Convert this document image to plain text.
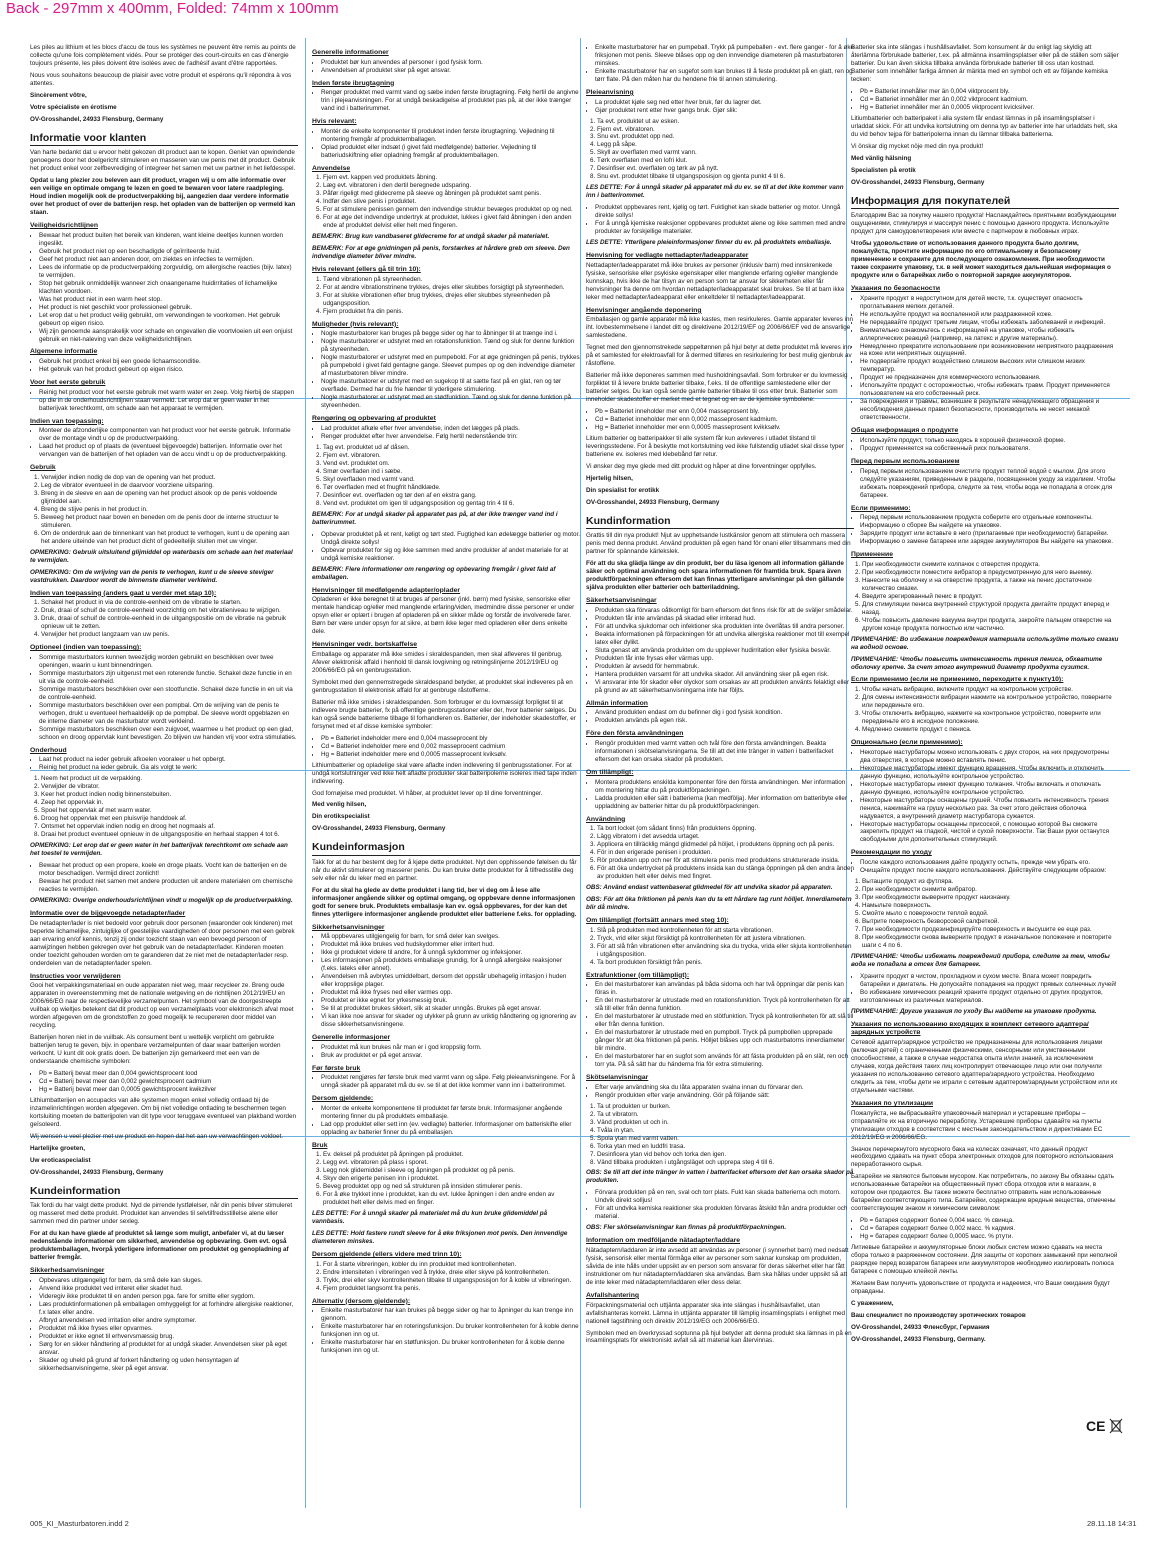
Back - 297mm x 400mm, Folded: 74mm x 100mm

Les piles au lithium et les blocs d'accu de tous les systèmes ne peuvent être remis au points de collecte qu'une fois complètement vidés. Pour se protéger des court-circuits en cas d'énergie toujours présente, les piles doivent être isolées avec de l'adhésif avant d'être rapportées.

Nous vous souhaitons beaucoup de plaisir avec votre produit et espérons qu'il répondra à vos attentes.

Sincèrement vôtre,

Votre spécialiste en érotisme

OV-Grosshandel, 24933 Flensburg, Germany

Informatie voor klanten

Van harte bedankt dat u ervoor hebt gekozen dit product aan te kopen. Geniet van opwindende genoegens door het doelgericht stimuleren en masseren van uw penis met dit product. Gebruik het product enkel voor zelfbevrediging of integreer het samen met uw partner in het liefdesspel.

Opdat u lang plezier zou beleven aan dit product, vragen wij u om alle informatie over een veilige en optimale omgang te lezen en goed te bewaren voor latere raadpleging. Houd indien mogelijk ook de productverpakking bij, aangezien daar verdere informatie over het product of over de batterijen resp. het opladen van de batterijen op vermeld kan staan.

Veiligheidsrichtlijnen
• Bewaar het product buiten het bereik van kinderen, want kleine deeltjes kunnen worden ingeslikt.
• Gebruik het product niet op een beschadigde of geïrriteerde huid.
• Geef het product niet aan anderen door, om ziektes en infecties te vermijden.
• Lees de informatie op de productverpakking zorgvuldig, om allergische reacties (bijv. latex) te vermijden.
• Stop het gebruik onmiddellijk wanneer zich onaangename huidirritaties of lichamelijke klachten voordoen.
• Was het product niet in een warm heet stop.
• Het product is niet geschikt voor professioneel gebruik.
• Let erop dat u het product veilig gebruikt, om verwondingen te voorkomen. Het gebruik gebeurt op eigen risico.
• Wij zijn genoemde aansprakelijk voor schade en ongevallen die voortvloeien uit een onjuist gebruik en niet-naleving van deze veiligheidsrichtlijnen.
Algemene informatie
• Gebruik het product enkel bij een goede lichaamsconditie.
• Het gebruik van het product gebeurt op eigen risico.
Voor het eerste gebruik
• Reinig het product voor het eerste gebruik met warm water en zeep. Volg hierbij de stappen op die in de onderhoudsrichtlijnen staan vermeld. Let erop dat er geen water in het batterijvak terechtkomt, om schade aan het apparaat te vermijden.
Indien van toepassing:
• Monteer de afzonderlijke componenten van het product voor het eerste gebruik. Informatie over de montage vindt u op de productverpakking.
• Laad het product op of plaats de (eventueel bijgevoegde) batterijen. Informatie over het vervangen van de batterijen of het opladen van de accu vindt u op de productverpakking.
Gebruik
1. Verwijder indien nodig de dop van de opening van het product.
2. Leg de vibrator eventueel in de daarvoor voorziene uitsparing.
3. Breng in de sleeve en aan de opening van het product alsook op de penis voldoende glijmiddel aan.
4. Breng de stijve penis in het product in.
5. Beweeg het product naar boven en beneden om de penis door de interne structuur te stimuleren.
6. Om de onderdruk aan de binnenkant van het product te verhogen, kunt u de opening aan het andere uiteinde van het product dicht of gedeeltelijk sluiten met uw vinger.

OPMERKING: Gebruik uitsluitend glijmiddel op waterbasis om schade aan het materiaal te vermijden.

OPMERKING: Om de wrijving van de penis te verhogen, kunt u de sleeve steviger vastdrukken. Daardoor wordt de binnenste diameter verkleind.

Indien van toepassing (anders gaat u verder met stap 10):
1. Schakel het product in via de controle-eenheid om de vibratie te starten.
2. Druk, draai of schuif de controle-eenheid voorzichtig om het vibratieniveau te wijzigen.
3. Druk, draai of schuif de controle-eenheid in de uitgangspositie om de vibratie na gebruik opnieuw uit te zetten.
4. Verwijder het product langzaam van uw penis.
Optioneel (indien van toepassing):
• Sommige masturbators kunnen tweezijdig worden gebruikt en beschikken over twee openingen, waarin u kunt binnendringen.
• Sommige masturbators zijn uitgerust met een roterende functie. Schakel deze functie in en uit via de controle-eenheid.
• Sommige masturbators beschikken over een stootfunctie. Schakel deze functie in en uit via de controle-eenheid.
• Sommige masturbators beschikken over een pompbal. Om de wrijving van de penis te verhogen, drukt u eventueel herhaaldelijk op de pompbal. De sleeve wordt opgeblazen en de interne diameter van de masturbator wordt verkleind.
• Sommige masturbators beschikken over een zuigvoet, waarmee u het product op een glad, schoon en droog oppervlak kunt bevestigen. Zo blijven uw handen vrij voor extra stimulaties.
Onderhoud
• Laat het product na ieder gebruik afkoelen vooraleer u het opbergt.
• Reinig het product na ieder gebruik. Ga als volgt te werk:
1. Neem het product uit de verpakking.
2. Verwijder de vibrator.
3. Keer het product indien nodig binnenstebuiten.
4. Zeep het oppervlak in.
5. Spoel het oppervlak af met warm water.
6. Droog het oppervlak met een pluisvrije handdoek af.
7. Ontsmet het oppervlak indien nodig en droog het nogmaals af.
8. Draai het product eventueel opnieuw in de uitgangspositie en herhaal stappen 4 tot 6.

OPMERKING: Let erop dat er geen water in het batterijvak terechtkomt om schade aan het toestel te vermijden.

• Bewaar het product op een propere, koele en droge plaats. Vocht kan de batterijen en de motor beschadigen. Vermijd direct zonlicht!
• Bewaar het product niet samen met andere producten uit andere materialen om chemische reacties te vermijden.

OPMERKING: Overige onderhoudsrichtlijnen vindt u mogelijk op de productverpakking.

Informatie over de bijgevoegde netadapter/lader

De netadapter/lader is niet bedoeld voor gebruik door personen (waaronder ook kinderen) met beperkte lichamelijke, zintuiglijke of geestelijke vaardigheden of door personen met een gebrek aan ervaring en/of kennis, tenzij zij onder toezicht staan van een bevoegd persoon of aanwijzingen hebben gekregen over het gebruik van de netadapter/lader. Kinderen moeten onder toezicht gehouden worden om te garanderen dat ze niet met de netadapter/lader resp. onderdelen van de netadapter/lader spelen.

Instructies voor verwijderen

Gooi het verpakkingsmateriaal en oude apparaten niet weg, maar recycleer ze. Breng oude apparaten in overeenstemming met de nationale wetgeving en de richtlijnen 2012/19/EU en 2006/66/EG naar de respectievelijke verzamelpunten. Het symbool van de doorgestreepte vuilbak op wieltjes betekent dat dit product op een verzamelplaats voor elektronisch afval moet worden afgegeven om de grondstoffen zo goed mogelijk te recupereren door middel van recycling.

Batterijen horen niet in de vuilbak. Als consument bent u wettelijk verplicht om gebruikte batterijen terug te geven, bijv. in openbare verzamelpunten of daar waar batterijen worden verkocht. U kunt dit ook gratis doen. De batterijen zijn gemarkeerd met een van de onderstaande chemische symbolen:

• Pb = Batterij bevat meer dan 0,004 gewichtsprocent lood
• Cd = Batterij bevat meer dan 0,002 gewichtsprocent cadmium
• Hg = Batterij bevat meer dan 0,0005 gewichtsprocent kwikzilver

Lithiumbatterijen en accupacks van alle systemen mogen enkel volledig ontlaad bij de inzamelinrichtingen worden afgegeven. Om bij niet volledige ontlading te beschermen tegen kortsluiting moeten de batterijpolen van dit type voor teruggave eventueel van plakband worden geïsoleerd.

Wij wensen u veel plezier met uw product en hopen dat het aan uw verwachtingen voldoet.

Hartelijke groeten,

Uw eroticaspecialist

OV-Grosshandel, 24933 Flensburg, Germany

Kundeinformation

Tak fordi du har valgt dette produkt. Nyd de pirrende lystfølelser, når din penis bliver stimuleret og masseret med dette produkt. Produktet kan anvendes til selvtilfredsstillelse alene eller sammen med din partner under sexleg.

For at du kan have glæde af produktet så længe som muligt, anbefaler vi, at du læser nedenstående informationer om sikkerhed, anvendelse og opbevaring. Gem evt. også produktemballagen, hvorpå yderligere informationer om produktet og genopladning af batterier fremgår.

Sikkerhedsanvisninger
• Opbevares utilgængeligt for børn, da små dele kan sluges.
• Anvend ikke produktet ved irriteret eller skadet hud.
• Videregiv ikke produktet til en anden person pga. fare for smitte eller sygdom.
• Læs produktinformationen på emballagen omhyggeligt for at forhindre allergiske reaktioner, f.x latex eller andre.
• Afbryd anvendelsen ved irritation eller andre symptomer.
• Produktet må ikke fryses eller opvarmes.
• Produktet er ikke egnet til erhvervsmæssig brug.
• Sørg for en sikker håndtering af produktet for at undgå skader. Anvendelsen sker på eget ansvar.
• Skader og uheld på grund af forkert håndtering og uden hensyntagen af sikkerhedsanvisningerne, sker på eget ansvar.
Generelle informationer
• Produktet bør kun anvendes af personer i god fysisk form.
• Anvendelsen af produktet sker på eget ansvar.
Inden første ibrugtagning
• Rengør produktet med varmt vand og sæbe inden første ibrugtagning. Følg hertil de angivne trin i plejeanvisningen. For at undgå beskadigelse af produktet pas på, at der ikke trænger vand ind i batterirummet.
Hvis relevant:
• Montér de enkelte komponenter til produktet inden første ibrugtagning. Vejledning til montering fremgår af produktemballagen.
• Oplad produktet eller indsæt (i givet fald medfølgende) batterier. Vejledning til batteriudskiftning eller opladning fremgår af produktemballagen.
Anvendelse
1. Fjern evt. kappen ved produktets åbning.
2. Læg evt. vibratoren i den dertil beregnede udsparing.
3. Påfør rigeligt med glidecreme på sleeve og åbningen på produktet samt penis.
4. Indfør den stive penis i produktet.
5. For at stimulere penissen gennem den indvendige struktur bevæges produktet op og ned.
6. For at øge det indvendige undertryk at produktet, lukkes i givet fald åbningen i den anden ende af produktet delvist eller helt med fingeren.

BEMÆRK: Brug kun vandbaseret glidecreme for at undgå skader på materialet.

BEMÆRK: For at øge gnidningen på penis, forstærkes at hårdere greb om sleeve. Den indvendige diameter bliver mindre.

Hvis relevant (ellers gå til trin 10):
1. Tænd vibrationen på styreenheden.
2. For at ændre vibrationstrinene trykkes, drejes eller skubbes forsigtigt på styreenheden.
3. For at slukke vibrationen efter brug trykkes, drejes eller skubbes styreenheden på udgangsposition.
4. Fjern produktet fra din penis.
Muligheder (hvis relevant):
• Nogle masturbatorer kan bruges på begge sider og har to åbninger til at trænge ind i.
• Nogle masturbatorer er udstyret med en rotationsfunktion. Tænd og sluk for denne funktion på styreenheden.
• Nogle masturbatorer er udstyret med en pumpebold. For at øge gnidningen på penis, trykkes på pumpebold i givet fald gentagne gange. Sleevet pumpes op og den indvendige diameter af masturbatoren bliver mindre.
• Nogle masturbatorer er udstyret med en sugekop til at sætte fast på en glat, ren og tør overflade. Dermed har du frie hænder til yderligere stimulering.
• Nogle masturbatorer er udstyret med en stødfunktion. Tænd og sluk for denne funktion på styreenheden.
Rengøring og opbevaring af produktet
• Lad produktet afkøle efter hver anvendelse, inden det lægges på plads.
• Rengør produktet efter hver anvendelse. Følg hertil nedenstående trin:
1. Tag evt. produktet ud af dåsen.
2. Fjern evt. vibratoren.
3. Vend evt. produktet om.
4. Smør overfladen ind i sæbe.
5. Skyl overfladen med varmt vand.
6. Tør overfladen med et fnugfrit håndklæde.
7. Desinficer evt. overfladen og tør den af en ekstra gang.
8. Vend evt. produktet om igen til udgangsposition og gentag trin 4 til 6.

BEMÆRK: For at undgå skader på apparatet pas på, at der ikke trænger vand ind i batterirummet.

• Opbevar produktet på et rent, køligt og tørt sted. Fugtighed kan ødelægge batterier og motor. Undgå direkte sollys!
• Opbevar produktet for sig og ikke sammen med andre produkter af andet materiale for at undgå kemiske reaktioner.

BEMÆRK: Flere informationer om rengøring og opbevaring fremgår i givet fald af emballagen.

Henvisninger til medfølgende adapter/oplader

Opladeren er ikke beregnet til at bruges af personer (inkl. børn) med fysiske, sensoriske eller mentale handicap og/eller med manglende erfaring/viden, medmindre disse personer er under opsyn eller er oplært i brugen af opladeren på en sikker måde og forstår de involverede farer. Børn bør være under opsyn for at sikre, at børn ikke leger med opladeren eller dens enkelte dele.

Henvisninger vedr. bortskaffelse

Emballage og apparater må ikke smides i skraldespanden, men skal afleveres til genbrug. Afever elektronisk affald i henhold til dansk lovgivning og retningslinjerne 2012/19/EU og 2006/66/EG på en genbrugsstation.

Symbolet med den gennemstregede skraldespand betyder, at produktet skal indleveres på en genbrugsstation til elektronisk affald for at genbruge råstofferne.

Batterier må ikke smides i skraldespanden. Som forbruger er du lovmæssigt forpligtet til at indlevere brugte batterier, fx på offentlige genbrugsstationer eller der, hvor batterier sælges. Du kan også sende batterierne tilbage til forhandleren os. Batterier, der indeholder skadestoffer, er forsynet med et af disse kemiske symboler:

• Pb = Batteriet indeholder mere end 0,004 masseprocent bly
• Cd = Batteriet indeholder mere end 0,002 masseprocent cadmium
• Hg = Batteriet indeholder mere end 0,0005 masseprocent kviksølv.

Lithiumbatterier og opladelige skal være afladte inden indlevering til genbrugsstationer. For at undgå kortslutninger ved ikke helt afladte produkter skal batteripolerne isoleres med tape inden indlevering.

God fornøjelse med produktet. Vi håber, at produktet lever op til dine forventninger.

Med venlig hilsen,

Din erotikspecialist

OV-Grosshandel, 24933 Flensburg, Germany

Kundeinformasjon

Takk for at du har bestemt deg for å kjøpe dette produktet. Nyt den opphissende følelsen du får når du aktivt stimulerer og masserer penis. Du kan bruke dette produktet for å tilfredsstille deg selv eller når du leker med en partner.

For at du skal ha glede av dette produktet i lang tid, ber vi deg om å lese alle informasjoner angående sikker og optimal omgang, og oppbevare denne informasjonen godt for senere bruk. Produktets emballasje kan ev. også oppbevares, for der kan det finnes ytterligere informasjoner angående produktet eller batteriene f.eks. for opplading.

Sikkerhetsanvisninger
• Må oppbevares utilgjengelig for barn, for små deler kan svelges.
• Produktet må ikke brukes ved hudskydommer eller irritert hud.
• Ikke gi produktet videre til andre, for å unngå sykdommer og infeksjoner.
• Les informasjonen på produktets emballasje grundig, for å unngå allergiske reaksjoner (f.eks. lateks eller annet).
• Anvendelsen må avbrytes umiddelbart, dersom det oppstår ubehagelig irritasjon i huden eller kroppslige plager.
• Produktet må ikke fryses ned eller varmes opp.
• Produktet er ikke egnet for yrkesmessig bruk.
• Se til at produktet brukes sikkert, slik at skader unngås. Brukes på eget ansvar.
• Vi kan ikke noe ansvar for skader og ulykker på grunn av uriktig håndtering og ignorering av disse sikkerhetsanvisningene.
Generelle informasjoner
• Produktet må kun brukes når man er i god kroppslig form.
• Bruk av produktet er på eget ansvar.
Før første bruk
• Produktet rengjøres før første bruk med varmt vann og såpe. Følg pleieanvisningene. For å unngå skader på apparatet må du ev. se til at det ikke kommer vann inn i batterirommet.
Dersom gjeldende:
• Monter de enkelte komponentene til produktet før første bruk. Informasjoner angående montering finner du på produktets emballasje.
• Lad opp produktet eller sett inn (ev. vedlagte) batterier. Informasjoner om batteriskifte eller opplading av batterier finner du på emballasjen.
Bruk
1. Ev. deksel på produktet på åpningen på produktet.
2. Legg evt. vibratoren på plass i sporet.
3. Legg nok glidemiddel i sleeve og åpningen på produktet og på penis.
4. Skyv den erigerte penisen inn i produktet.
5. Beveg produktet opp og ned så strukturen på innsiden stimulerer penis.
6. For å øke trykket inne i produktet, kan du evt. lukke åpningen i den andre enden av produktet helt eller delvis med en finger.

LES DETTE: For å unngå skader på materialet må du kun bruke glidemiddel på vannbasis.

LES DETTE: Hold fastere rundt sleeve for å øke friksjonen mot penis. Den innvendige diameteren minskes.

Dersom gjeldende (ellers videre med trinn 10):
1. For å starte vibreringen, kobler du inn produktet med kontrollenheten.
2. Endre intensiteten i vibreringen ved å trykke, dreie eller skyve på kontrollenheten.
3. Trykk, drei eller skyv kontrollenheten tilbake til utgangsposisjon for å koble ut vibreringen.
4. Fjern produktet langsomt fra penis.
Alternativ (dersom gjeldende):
• Enkelte masturbatorer har kan brukes på begge sider og har to åpninger du kan trenge inn gjennom.
• Enkelte masturbatorer har en roteringsfunksjon. Du bruker kontrollenheten for å koble denne funksjonen inn og ut.
• Enkelte masturbatorer har en støtfunksjon. Du bruker kontrollenheten for å koble denne funksjonen inn og ut.
• Enkelte masturbatorer har en pumpeball. Trykk på pumpeballen - evt. flere ganger - for å øke friksjonen mot penis. Sleeve blåses opp og den innvendige diameteren på masturbatoren minskes.
• Enkelte masturbatorer har en sugefot som kan brukes til å feste produktet på en glatt, ren og tørr flate. På den måten har du hendene frie til annen stimulering.
Pleieanvisning
• La produktet kjøle seg ned etter hver bruk, før du lagrer det.
• Gjør produktet rent etter hver gangs bruk. Gjør slik:
1. Ta evt. produktet ut av esken.
2. Fjern evt. vibratoren.
3. Snu evt. produktet opp ned.
4. Legg på såpe.
5. Skyll av overflaten med varmt vann.
6. Tørk overflaten med en lofri klut.
7. Desinfiser evt. overflaten og tørk av på nytt.
8. Snu evt. produktet tilbake til utgangsposisjon og gjenta punkt 4 til 6.

LES DETTE: For å unngå skader på apparatet må du ev. se til at det ikke kommer vann inn i batterirommet.

• Produktet oppbevares rent, kjølig og tørt. Fuktighet kan skade batterier og motor. Unngå direkte sollys!
• For å unngå kjemiske reaksjoner oppbevares produktet alene og ikke sammen med andre produkter av forskjellige materialer.

LES DETTE: Ytterligere pleieinformasjoner finner du ev. på produktets emballasje.

Henvisning for vedlagte nettadapter/ladeapparater

Nettadapter/ladeapparatet må ikke brukes av personer (inklusiv barn) med innskrenkede fysiske, sensoriske eller psykiske egenskaper eller manglende erfaring og/eller manglende kunnskap, hvis ikke de har tilsyn av en person som tar ansvar for sikkerheten eller får henvisninger fra denne om hvordan nettadapter/ladeapparatet skal brukes. Se til at barn ikke leker med nettadapter/ladeapparat eller enkeltdeler til nettadapter/ladeapparat.

Henvisninger angående deponering

Emballasjen og gamle apparater må ikke kastes, men resirkuleres. Gamle apparater leveres inn iht. lovbestemmelsene i landet ditt og direktivene 2012/19/EF og 2006/66/EF ved de ansvarlige samlestedene.

Tegnet med den gjennomstrekede søppeltønnen på hjul betyr at dette produktet må leveres inn på et samlested for elektroavfall for å dermed tilføres en resirkulering for best mulig gjenbruk av råstoffene.

Batterier må ikke deponeres sammen med husholdningsavfall. Som forbruker er du lovmessig forpliktet til å levere brukte batterier tilbake, f.eks. til de offentlige samlestedene eller der batterier selges. Du kan også sende gamle batterier tilbake til oss etter bruk. Batterier som inneholder skadestoffer er merket med et tegnet og en av de kjemiske symbolene:

• Pb = Batteriet inneholder mer enn 0,004 masseprosent bly.
• Cd = Batteriet inneholder mer enn 0,002 masseprosent kadmium.
• Hg = Batteriet inneholder mer enn 0,0005 masseprosent kvikksølv.

Litium batterier og batteripakker til alle system får kun avleveres i utladet tilstand til leveringsstedene. For å beskytte mot kortslutning ved ikke fullstendig utladet skal disse typer batteriene ev. isoleres med klebebånd før retur.

Vi ønsker deg mye glede med ditt produkt og håper at dine forventninger oppfylles.

Hjertelig hilsen,

Din spesialist for erotikk

OV-Grosshandel, 24933 Flensburg, Germany

Kundinformation

Grattis till din nya produkt! Njut av upphetsande lustkänslor genom att stimulera och massera penis med denna produkt. Använd produkten på egen hand för onani eller tillsammans med din partner för spännande kärlekslek.

För att du ska glädja länge av din produkt, ber du läsa igenom all information gällande säker och optimal användning och spara informationen för framtida bruk. Spara även produktförpackningen eftersom det kan finnas ytterligare anvisningar på den gällande själva produkten eller batterier och batteriladdning.

Säkerhetsanvisningar
• Produkten ska förvaras oåtkomligt för barn eftersom det finns risk för att de sväljer smådelar.
• Produkten får inte användas på skadad eller irriterad hud.
• För att undvika sjukdomar och infektioner ska produkten inte överlåtas till andra personer.
• Beakta informationen på förpackningen för att undvika allergiska reaktioner mot till exempel latex eller dylikt.
• Sluta genast att använda produkten om du upplever hudirritation eller fysiska besvär.
• Produkten får inte frysas eller värmas upp.
• Produkten är avsedd för hemmabruk.
• Hantera produkten varsamt för att undvika skador. All användning sker på egen risk.
• Vi ansvarar inte för skador eller olyckor som orsakas av att produkten använts felaktigt eller på grund av att säkerhetsanvisningarna inte har följts.
Allmän information
• Använd produkten endast om du befinner dig i god fysisk kondition.
• Produkten används på egen risk.
Före den första användningen
• Rengör produkten med varmt vatten och tvål före den första användningen. Beakta informationen i skötselanvisningarna. Se till att det inte tränger in vatten i batterifacket eftersom det kan orsaka skador på produkten.
Om tillämpligt:
• Montera produktens enskilda komponenter före den första användningen. Mer information om montering hittar du på produktförpackningen.
• Ladda produkten eller sätt i batterierna (kan medfölja). Mer information om batteribyte eller uppladdning av batterier hittar du på produktförpackningen.
Användning
1. Ta bort locket (om sådant finns) från produktens öppning.
2. Lägg vibratorn i det avsedda urtaget.
3. Applicera en tillräcklig mängd glidmedel på höljet, i produktens öppning och på penis.
4. För in den erigerade penisen i produkten.
5. Rör produkten upp och ner för att stimulera penis med produktens strukturerade insida.
6. För att öka undertrycket på produktens insida kan du stänga öppningen på den andra änden av produkten helt eller delvis med fingret.

OBS: Använd endast vattenbaserat glidmedel för att undvika skador på apparaten.

OBS: För att öka friktionen på penis kan du ta ett hårdare tag runt hölljet. Innerdiametern blir då mindre.

Om tillämpligt (fortsätt annars med steg 10):
1. Slå på produkten med kontrollenheten för att starta vibrationen.
2. Tryck, vrid eller skjut försiktigt på kontrollenheten för att justera vibrationen.
3. För att slå från vibrationen efter användning ska du trycka, vrida eller skjuta kontrollenheten i utgångsposition.
4. Ta bort produkten försiktigt från penis.
Extrafunktioner (om tillämpligt):
• En del masturbatorer kan användas på båda sidorna och har två öppningar där penis kan föras in.
• En del masturbatorer är utrustade med en rotationsfunktion. Tryck på kontrollenheten för att slå till eller från denna funktion.
• En del masturbatorer är utrustade med en stötfunktion. Tryck på kontrollenheten för att slå till eller från denna funktion.
• En del masturbatorer är utrustade med en pumpboll. Tryck på pumpbollen upprepade gånger för att öka friktionen på penis. Hölljet blåses upp och masturbatorns innerdiameter blir mindre.
• En del masturbatorer har en sugfot som används för att fästa produkten på en slät, ren och torr yta. På så sätt har du händerna fria för extra stimulering.
Skötselanvisningar
• Efter varje användning ska du låta apparaten svalna innan du förvarar den.
• Rengör produkten efter varje användning. Gör på följande sätt:
1. Ta ut produkten ur burken.
2. Ta ut vibratorn.
3. Vänd produkten ut och in.
4. Tvåla in ytan.
5. Spola ytan med varmt vatten.
6. Torka ytan med en luddfri trasa.
7. Desinficera ytan vid behov och torka den igen.
8. Vänd tillbaka produkten i utgångsläget och upprepa steg 4 till 6.

OBS: Se till att det inte tränger in vatten i batterifacket eftersom det kan orsaka skador på produkten.

• Förvara produkten på en ren, sval och torr plats. Fukt kan skada batterierna och motorn. Undvik direkt solljus!
• För att undvika kemiska reaktioner ska produkten förvaras åtskild från andra produkter och material.

OBS: Fler skötselanvisningar kan finnas på produktförpackningen.

Information om medföljande nätadapter/laddare

Nätadaptern/laddaren är inte avsedd att användas av personer (i synnerhet barn) med nedsatt fysisk, sensorisk eller mental förmåga eller av personer som saknar kunskap om produkten, såvida de inte hålls under uppsikt av en person som ansvarar för deras säkerhet eller har fått instruktioner om hur nätadaptern/laddaren ska användas. Barn ska hållas under uppsikt så att de inte leker med nätadaptern/laddaren eller dess delar.

Avfallshantering

Förpackningsmaterial och uttjänta apparater ska inte slängas i hushållsavfallet, utan avfallshanteras korrekt. Lämna in uttjänta apparater till lämplig insamlingsplats i enlighet med nationell lagstiftning och direktiv 2012/19/EG och 2006/66/EG.

Symbolen med en överkryssad soptunna på hjul betyder att denna produkt ska lämnas in på en insamlingsplats för elektroniskt avfall så att material kan återvinnas.

Batterier ska inte slängas i hushållsavfallet. Som konsument är du enligt lag skyldig att återlämna förbrukade batterier, t.ex. på allmänna insamlingsplatser eller på de ställen som säljer batterier. Du kan även skicka tillbaka använda förbrukade batterier till oss utan kostnad. Batterier som innehåller farliga ämnen är märkta med en symbol och ett av följande kemiska tecken:

• Pb = Batteriet innehåller mer än 0,004 viktprocent bly.
• Cd = Batteriet innehåller mer än 0,002 viktprocent kadmium.
• Hg = Batteriet innehåller mer än 0,0005 viktprocent kvicksilver.

Litiumbatterier och batteripaket i alla system får endast lämnas in på insamlingsplatser i urladdat skick. För att undvika kortslutning om denna typ av batterier inte har urladdats helt, ska du vid behov tejpa för batteripolerna innan du lämnar tillbaka batterierna.

Vi önskar dig mycket nöje med din nya produkt!

Med vänlig hälsning

Specialisten på erotik

OV-Grosshandel, 24933 Flensburg, Germany

Информация для покупателей

Благодарим Вас за покупку нашего продукта! Наслаждайтесь приятными возбуждающими ощущениями, стимулируя и массируя пенис с помощью данного продукта. Используйте продукт для самоудовлетворения или вместе с партнером в любовных играх.

Чтобы удовольствие от использования данного продукта было долгим, пожалуйста, прочтите информацию по его оптимальному и безопасному применению и сохраните для последующего ознакомления. При необходимости также сохраните упаковку, т.к. в ней может находиться дальнейшая информация о продукте или о батарейках либо о повторной зарядке аккумуляторов.

Указания по безопасности
• Храните продукт в недоступном для детей месте, т.к. существует опасность проглатывания мелких деталей.
• Не используйте продукт на воспаленной или раздраженной коже.
• Не передавайте продукт третьим лицам, чтобы избежать заболеваний и инфекций.
• Внимательно ознакомьтесь с информацией на упаковке, чтобы избежать аллергических реакций (например, на латекс и другие материалы).
• Немедленно прекратите использование при возникновении неприятного раздражения на коже или неприятных ощущений.
• Не подвергайте продукт воздействию слишком высоких или слишком низких температур.
• Продукт не предназначен для коммерческого использования.
• Используйте продукт с осторожностью, чтобы избежать травм. Продукт применяется пользователем на его собственный риск.
• За повреждения и травмы, возникшие в результате ненадлежащего обращения и несоблюдения данных правил безопасности, производитель не несет никакой ответственности.
Общая информация о продукте
• Используйте продукт, только находясь в хорошей физической форме.
• Продукт применяется на собственный риск пользователя.
Перед первым использованием
• Перед первым использованием очистите продукт теплой водой с мылом. Для этого следуйте указаниям, приведенным в разделе, посвященном уходу за изделием. Чтобы избежать повреждений прибора, следите за тем, чтобы вода не попадала в отсек для батареек.
Если применимо:
• Перед первым использованием продукта соберите его отдельные компоненты. Информацию о сборке Вы найдете на упаковке.
• Зарядите продукт или вставьте в него (прилагаемые при необходимости) батарейки. Информацию о замене батареек или зарядке аккумуляторов Вы найдете на упаковке.
Применение
1. При необходимости снимите колпачок с отверстия продукта.
2. При необходимости поместите вибратор в предусмотренную для него выемку.
3. Нанесите на оболочку и на отверстие продукта, а также на пенис достаточное количество смазки.
4. Введите эрегированный пенис в продукт.
5. Для стимуляции пениса внутренней структурой продукта двигайте продукт вперед и назад.
6. Чтобы повысить давление вакуума внутри продукта, закройте пальцем отверстие на другом конце продукта полностью или частично.

ПРИМЕЧАНИЕ: Во избежание повреждения материала используйте только смазки на водной основе.

ПРИМЕЧАНИЕ: Чтобы повысить интенсивность трения пениса, обхватите оболочку крепче. За счет этого внутренний диаметр продукта сузится.

Если применимо (если не применимо, переходите к пункту10):
1. Чтобы начать вибрацию, включите продукт на контрольном устройстве.
2. Для смены интенсивности вибрации нажмите на контрольное устройство, поверните или передвиньте его.
3. Чтобы отключить вибрацию, нажмите на контрольное устройство, поверните или передвиньте его в исходное положение.
4. Медленно снимите продукт с пениса.
Опционально (если применимо):
• Некоторые мастурбаторы можно использовать с двух сторон, на них предусмотрены два отверстия, в которые можно вставлять пенис.
• Некоторые мастурбаторы имеют функцию вращения. Чтобы включить и отключить данную функцию, используйте контрольное устройство.
• Некоторые мастурбаторы имеют функцию толкания. Чтобы включать и отключать данную функцию, используйте контрольное устройство.
• Некоторые мастурбаторы оснащены грушей. Чтобы повысить интенсивность трения пениса, нажимайте на грушу несколько раз. За счет этого действия оболочка надувается, а внутренний диаметр мастурбатора сужается.
• Некоторые мастурбаторы оснащены присоской, с помощью которой Вы сможете закрепить продукт на гладкой, чистой и сухой поверхности. Так Ваши руки останутся свободными для дополнительных стимуляций.
Рекомендации по уходу
• После каждого использования дайте продукту остыть, прежде чем убрать его.
• Очищайте продукт после каждого использования. Действуйте следующим образом:
1. Вытащите продукт из футляра.
2. При необходимости снимите вибратор.
3. При необходимости выверните продукт наизнанку.
4. Намыльте поверхность.
5. Смойте мыло с поверхности теплой водой.
6. Вытрите поверхность безворсовой салфеткой.
7. При необходимости продезинфицируйте поверхность и высушите ее еще раз.
8. При необходимости снова выверните продукт в изначальное положение и повторите шаги с 4 по 6.

ПРИМЕЧАНИЕ: Чтобы избежать повреждений прибора, следите за тем, чтобы вода не попадала в отсек для батареек.

• Храните продукт в чистом, прохладном и сухом месте. Влага может повредить батарейки и двигатель. Не допускайте попадания на продукт прямых солнечных лучей!
• Во избежание химических реакций храните продукт отдельно от других продуктов, изготовленных из различных материалов.

ПРИМЕЧАНИЕ: Другие указания по уходу Вы найдете на упаковке продукта.

Указания по использованию входящих в комплект сетевого адаптера/зарядных устройств

Сетевой адаптер/зарядное устройство не предназначены для использования лицами (включая детей) с ограниченными физическими, сенсорными или умственными способностями, а также в случае недостатка опыта и/или знаний, за исключением случаев, когда действия таких лиц контролирует отвечающее лицо или они получили указания по использованию сетевого адаптера/зарядного устройства. Необходимо следить за тем, чтобы дети не играли с сетевым адаптером/зарядным устройством или их отдельными частями.

Указания по утилизации

Пожалуйста, не выбрасывайте упаковочный материал и устаревшие приборы – отправляйте их на вторичную переработку. Устаревшие приборы сдавайте на пункты утилизации отходов в соответствии с местным законодательством и директивами ЕС 2012/19/EG и 2006/66/EG.

Значок перечеркнутого мусорного бака на колесах означает, что данный продукт необходимо сдавать на пункт сбора электронных отходов для повторного использования переработанного сырья.

Батарейки не являются бытовым мусором. Как потребитель, по закону Вы обязаны сдать использованные батарейки на общественный пункт сбора отходов или в магазин, в котором они продаются. Вы также можете бесплатно отправить нам использованные батарейки соответствующего типа. Батарейки, содержащие вредные вещества, отмечены соответствующим знаком и химическим символом:

• Pb = батарея содержит более 0,004 масс. % свинца.
• Cd = батарея содержит более 0,002 масс. % кадмия.
• Hg = батарея содержит более 0,0005 масс. % ртути.

Литиевые батарейки и аккумуляторные блоки любых систем можно сдавать на места сбора только в разряженном состоянии. Для защиты от коротких замыканий при неполной разрядке перед возвратом батареек или аккумуляторов необходимо изолировать полюса батареек с помощью клейкой ленты.

Желаем Вам получить удовольствие от продукта и надеемся, что Ваши ожидания будут оправданы.

С уважением,

Ваш специалист по производству эротических товаров

OV-Grosshandel, 24933 Фленсбург, Германия

OV-Grosshandel, 24933 Flensburg, Germany.

CE
005_KI_Masturbatoren.indd 2	28.11.18 14:31
